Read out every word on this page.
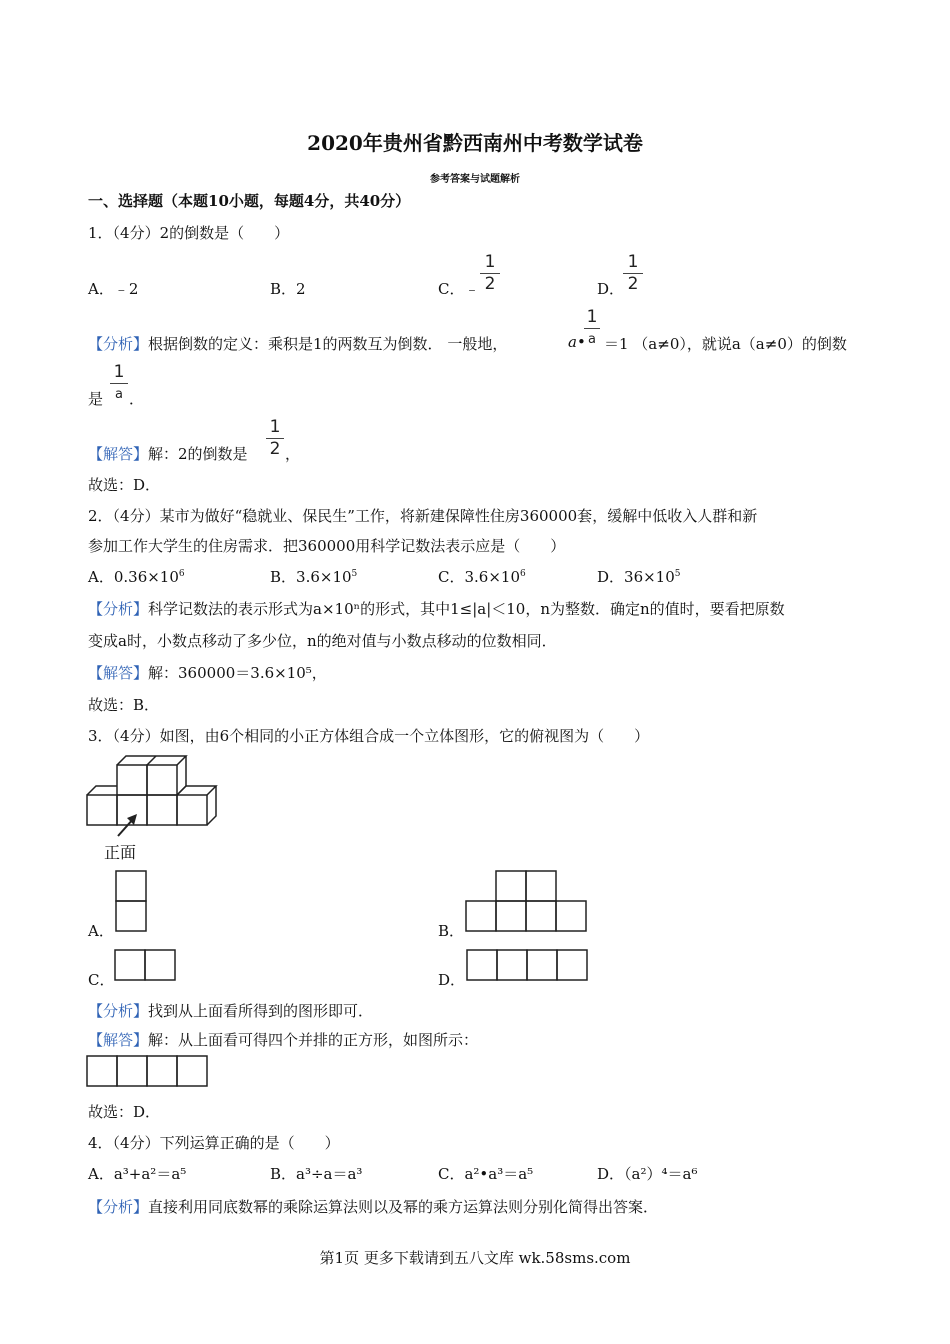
2020年贵州省黔西南州中考数学试卷
参考答案与试题解析
一、选择题（本题10小题，每题4分，共40分）
1．（4分）2的倒数是（　　）
A．﹣2	B．2	C．﹣
1
2	D．
1
2
【分析】根据倒数的定义：乘积是1的两数互为倒数． 一般地，	a•
1
a ＝1 （a≠0），就说a（a≠0）的倒数
是
1
a ．
【解答】解：2的倒数是
1
2 ，
故选：D．
2．（4分）某市为做好“稳就业、保民生”工作，将新建保障性住房360000套，缓解中低收入人群和新
参加工作大学生的住房需求．把360000用科学记数法表示应是（　　）
A．$0.36\times 10^6$	B．$3.6\times 10^5$	C．$3.6\times 10^6$	D．$36\times 10^5$
【分析】科学记数法的表示形式为a×10ⁿ的形式，其中1≤|a|＜10，n为整数．确定n的值时，要看把原数
变成a时，小数点移动了多少位，n的绝对值与小数点移动的位数相同．
【解答】解：360000＝3.6×10⁵，
故选：B．
3．（4分）如图，由6个相同的小正方体组合成一个立体图形，它的俯视图为（　　）
正面
A．	B．
C．	D．
【分析】找到从上面看所得到的图形即可．
【解答】解：从上面看可得四个并排的正方形，如图所示：
故选：D．
4．（4分）下列运算正确的是（　　）
A．a³+a²＝a⁵	B．a³÷a＝a³	C．a²•a³＝a⁵	D．（a²）⁴＝a⁶
【分析】直接利用同底数幂的乘除运算法则以及幂的乘方运算法则分别化简得出答案．
第1页 更多下载请到五八文库 wk.58sms.com
